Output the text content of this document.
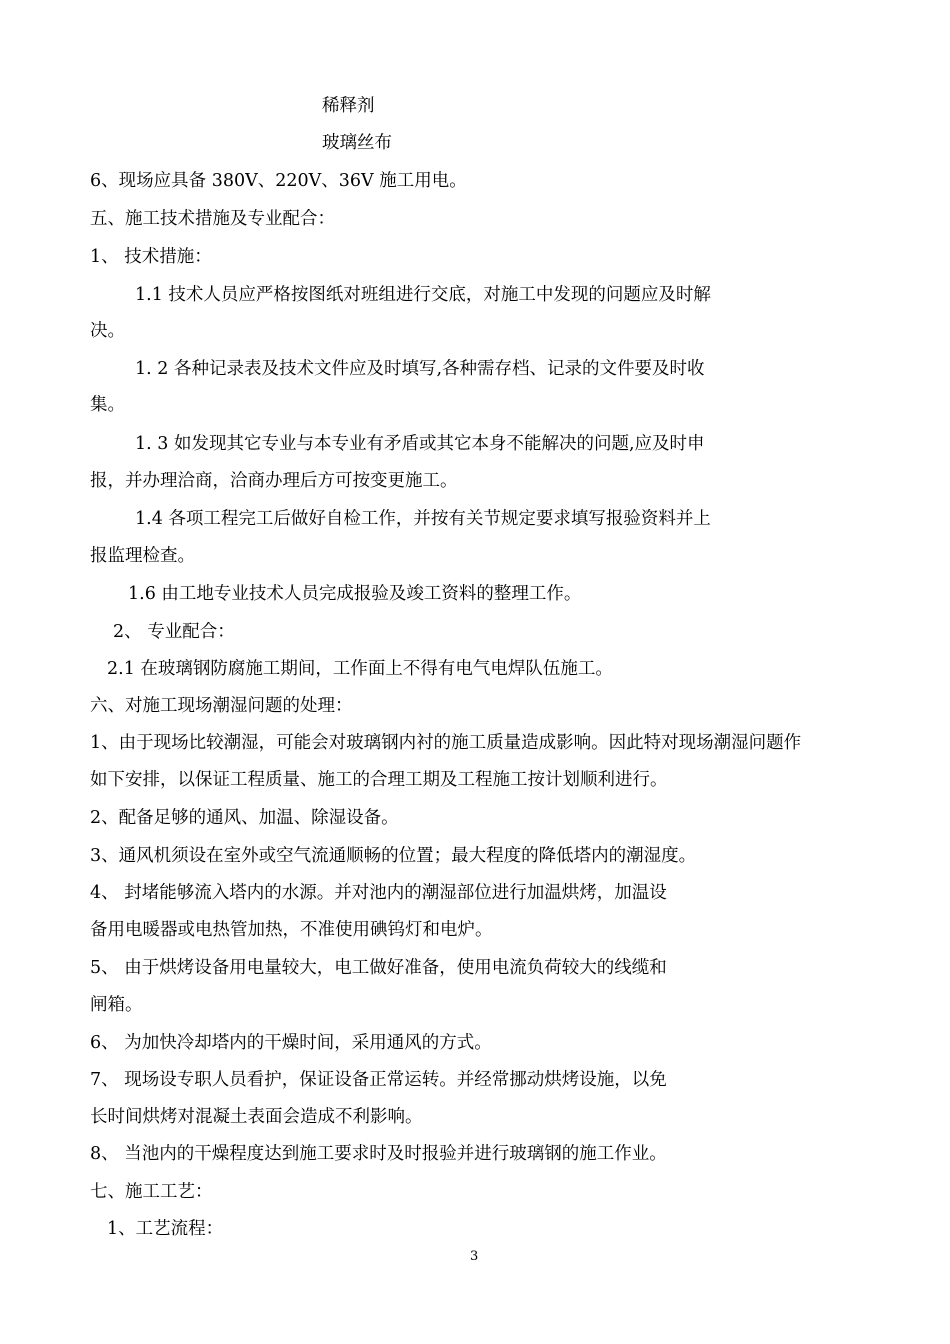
稀释剂
玻璃丝布
6、现场应具备 380V、220V、36V 施工用电。
五、施工技术措施及专业配合：
1、 技术措施：
1.1 技术人员应严格按图纸对班组进行交底，对施工中发现的问题应及时解
决。
1. 2 各种记录表及技术文件应及时填写,各种需存档、记录的文件要及时收
集。
1. 3 如发现其它专业与本专业有矛盾或其它本身不能解决的问题,应及时申
报，并办理洽商，洽商办理后方可按变更施工。
1.4 各项工程完工后做好自检工作，并按有关节规定要求填写报验资料并上
报监理检查。
1.6 由工地专业技术人员完成报验及竣工资料的整理工作。
2、 专业配合：
2.1 在玻璃钢防腐施工期间，工作面上不得有电气电焊队伍施工。
六、对施工现场潮湿问题的处理：
1、由于现场比较潮湿，可能会对玻璃钢内衬的施工质量造成影响。因此特对现场潮湿问题作
如下安排，以保证工程质量、施工的合理工期及工程施工按计划顺利进行。
2、配备足够的通风、加温、除湿设备。
3、通风机须设在室外或空气流通顺畅的位置；最大程度的降低塔内的潮湿度。
4、 封堵能够流入塔内的水源。并对池内的潮湿部位进行加温烘烤，加温设
备用电暖器或电热管加热，不准使用碘钨灯和电炉。
5、 由于烘烤设备用电量较大，电工做好准备，使用电流负荷较大的线缆和
闸箱。
6、 为加快冷却塔内的干燥时间，采用通风的方式。
7、 现场设专职人员看护，保证设备正常运转。并经常挪动烘烤设施，以免
长时间烘烤对混凝土表面会造成不利影响。
8、 当池内的干燥程度达到施工要求时及时报验并进行玻璃钢的施工作业。
七、施工工艺：
1、工艺流程：
3
